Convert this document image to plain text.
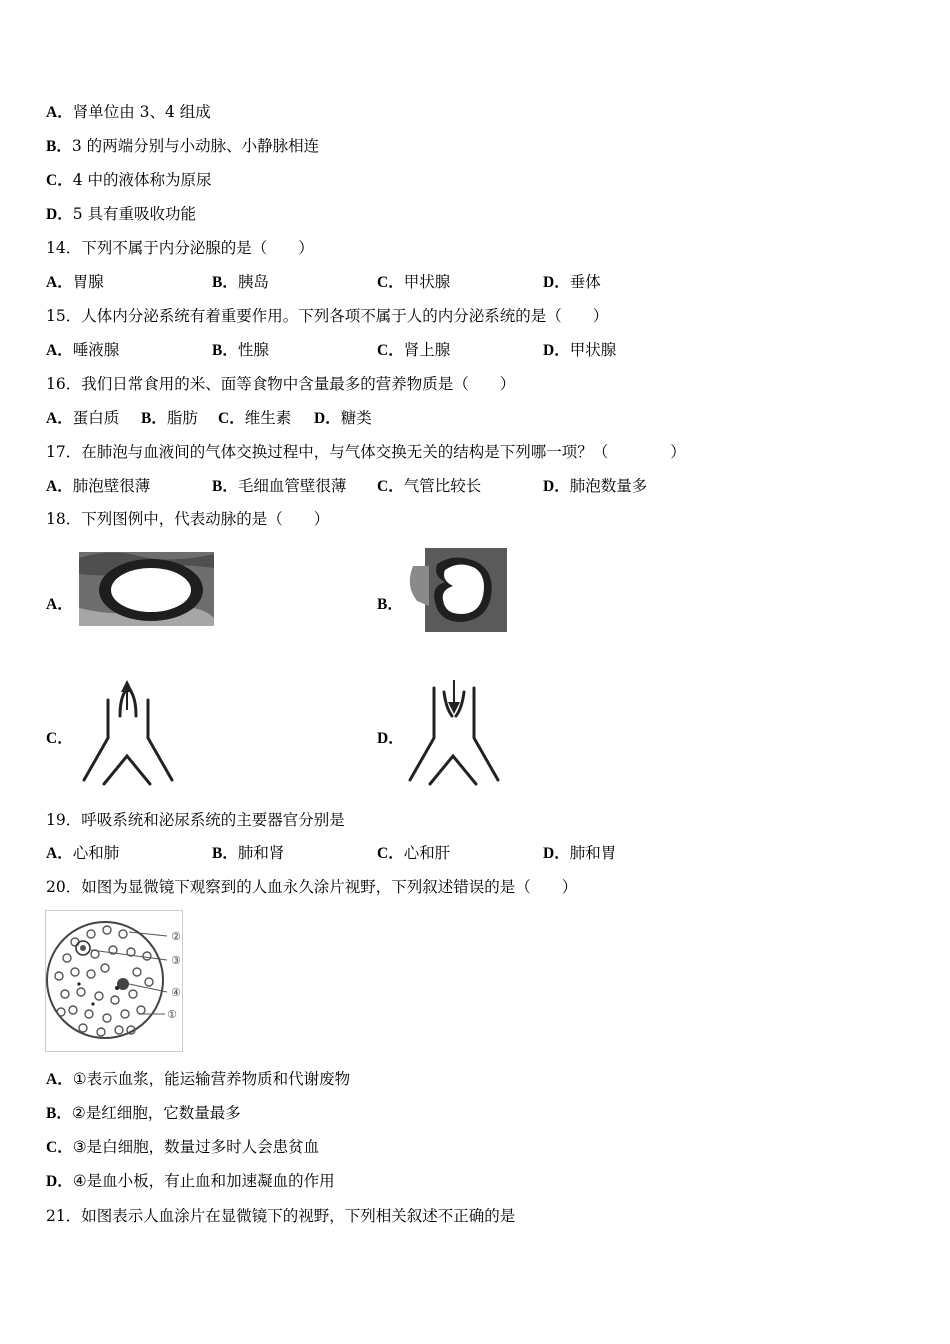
A．肾单位由 3、4 组成
B．3 的两端分别与小动脉、小静脉相连
C．4 中的液体称为原尿
D．5 具有重吸收功能
14．下列不属于内分泌腺的是（　　）
A．胃腺	B．胰岛	C．甲状腺	D．垂体
15．人体内分泌系统有着重要作用。下列各项不属于人的内分泌系统的是（　　）
A．唾液腺	B．性腺	C．肾上腺	D．甲状腺
16．我们日常食用的米、面等食物中含量最多的营养物质是（　　）
A．蛋白质 B．脂肪 C．维生素 D．糖类
17．在肺泡与血液间的气体交换过程中，与气体交换无关的结构是下列哪一项？（　　　　）
A．肺泡壁很薄	B．毛细血管壁很薄 C．气管比较长	D．肺泡数量多
18．下列图例中，代表动脉的是（　　）
A．	B．
C．	D．
19．呼吸系统和泌尿系统的主要器官分别是
A．心和肺	B．肺和肾	C．心和肝	D．肺和胃
20．如图为显微镜下观察到的人血永久涂片视野，下列叙述错误的是（　　）
②
③
④
①
A．①表示血浆，能运输营养物质和代谢废物
B．②是红细胞，它数量最多
C．③是白细胞，数量过多时人会患贫血
D．④是血小板，有止血和加速凝血的作用
21．如图表示人血涂片在显微镜下的视野，下列相关叙述不正确的是
